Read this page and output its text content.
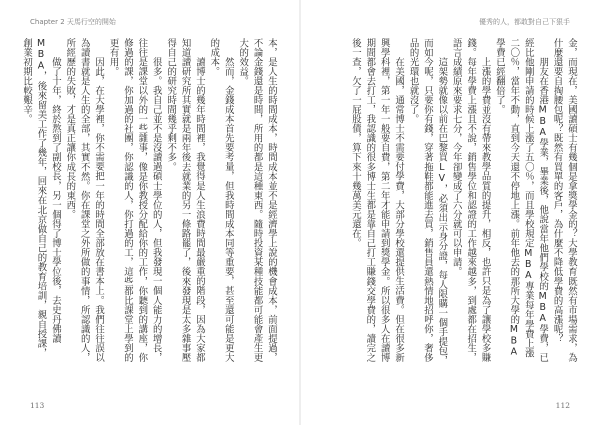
Chapter 2 天馬行空的開始

本，是人生的時間成本，時間成本並不是經濟學上說的機會成本，前面提過，不論金錢還是時間，所用的都是這種東西。隨時投資某種技能都可能會產生更大的效益。

然而，金錢成本首先要考量，但我時間成本同等重要，甚至還可能是更大的成本。

讀博士的幾年時間裡，我覺得是人生浪費時間最嚴重的階段，因為大家都知道讀研究所其實就是兩年後去就業的另一條路罷了，後來發現是太多雜事壓得自己的研究時間幾乎剩不多。

很多。我自己並不是沒讀過碩士學位的人，但我發現一個人能力的增長，往往是課堂以外的一些雜事，像是你教授分配給你的工作，你聽到的講座，你修過的課，你加過的社團，你認識的人，你打過的工，這些都比課堂上學到的更有用。

因此，在大學裡，你不需要把一年的時間全部放在書本上。我們往往誤以為讀書就是人生的全部，其實不然。你在課堂之外所做的事情，所認識的人，所經歷的失敗，才是真正讓你成長的東西。

做了十年，終於熬到了副校長，另一個得了博士學位後，去史丹佛讀MBA，後來留美工作了幾年，回來在北京做自己的教育培訓，親自授課，創業初期比較艱辛。

113
優秀的人，都敢對自己下狠手

金，而現在，美國讀碩士有幾個是拿獎學金的？大學教育既然有市場需求，為什麼還要自掏腰包呢？既然有買單的客戶，為什麼不降低學費的高漲呢？

朋友在香港MBA學業，畢業後，他說當年他們學校的MBA學費，已經比他剛申請的時候上漲了五〇％，而且學校規定MBA專業每年學費上漲二〇％，當年不動，直到今天還不停地上漲。前年他去的那所大學的MBA學費已經翻倍了。

上漲的學費並沒有帶來教學品質的提升，相反，也許只是為了讓學校多賺錢。每年學費上漲且不說，銷售學位和認證的工作越來越多，到處都在招生，語言成績原來要求七分，今年卻變成了六分就可以申請。

這架勢就像以前在巴黎買LV，必須出示身分證，每人限購一個手提包，而如今呢，只要你有錢，穿著拖鞋都能進去買，銷售員還熱情地招呼你，奢侈品的光環也就沒了。

在美國，通常博士不需要付學費，大部分學校還提供生活費。但在很多新興學科裡，第一年一般要自費，第二年才能申請到獎學金。所以很多人在讀博期間都會去打工，我認識的很多博士生都是靠自己打工賺錢交學費的，讀完之後一查，欠了一屁股債，算下來十幾萬美元還在。

112
